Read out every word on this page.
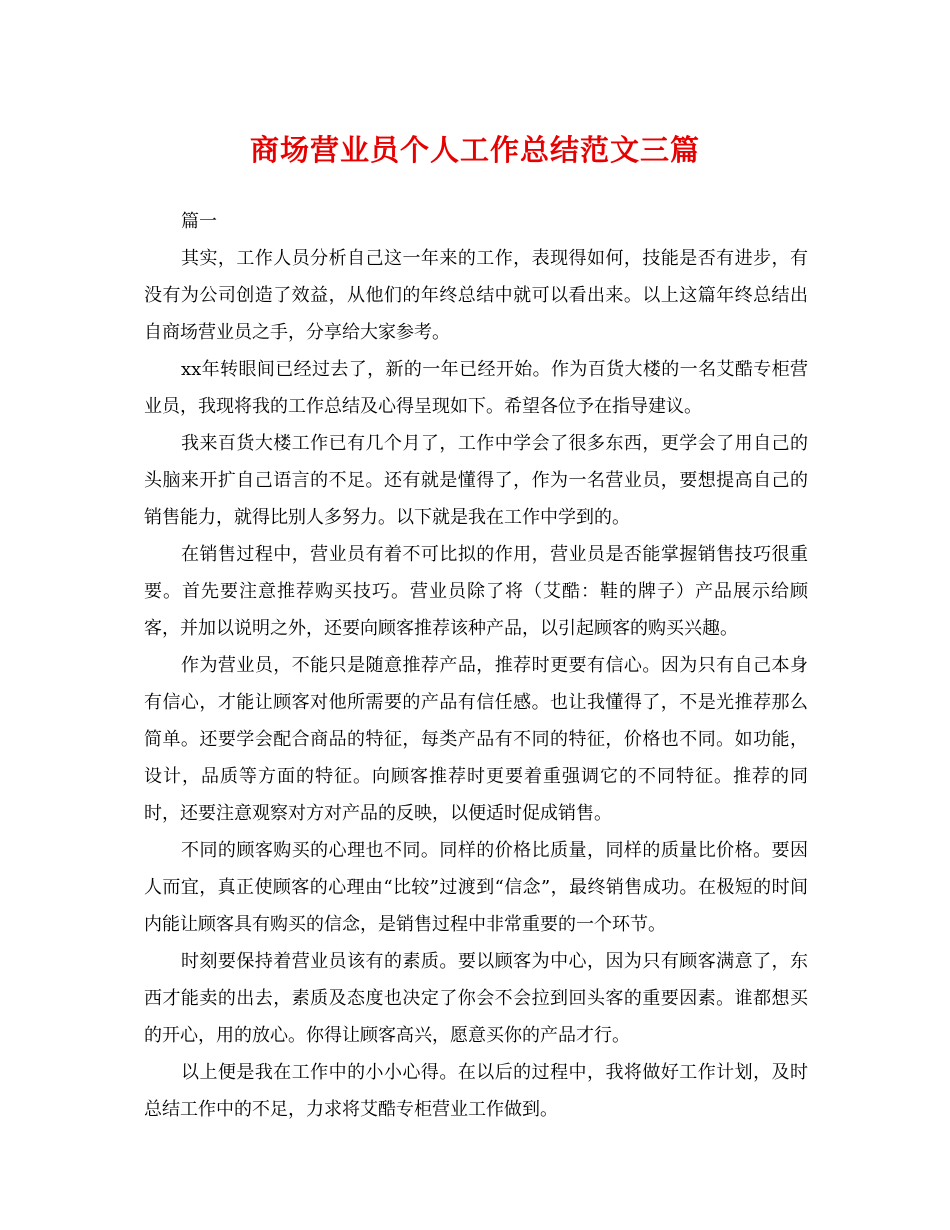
商场营业员个人工作总结范文三篇

篇一

其实，工作人员分析自己这一年来的工作，表现得如何，技能是否有进步，有没有为公司创造了效益，从他们的年终总结中就可以看出来。以上这篇年终总结出自商场营业员之手，分享给大家参考。

xx年转眼间已经过去了，新的一年已经开始。作为百货大楼的一名艾酷专柜营业员，我现将我的工作总结及心得呈现如下。希望各位予在指导建议。

我来百货大楼工作已有几个月了，工作中学会了很多东西，更学会了用自己的头脑来开扩自己语言的不足。还有就是懂得了，作为一名营业员，要想提高自己的销售能力，就得比别人多努力。以下就是我在工作中学到的。

在销售过程中，营业员有着不可比拟的作用，营业员是否能掌握销售技巧很重要。首先要注意推荐购买技巧。营业员除了将（艾酷：鞋的牌子）产品展示给顾客，并加以说明之外，还要向顾客推荐该种产品，以引起顾客的购买兴趣。

作为营业员，不能只是随意推荐产品，推荐时更要有信心。因为只有自己本身有信心，才能让顾客对他所需要的产品有信任感。也让我懂得了，不是光推荐那么简单。还要学会配合商品的特征，每类产品有不同的特征，价格也不同。如功能，设计，品质等方面的特征。向顾客推荐时更要着重强调它的不同特征。推荐的同时，还要注意观察对方对产品的反映，以便适时促成销售。

不同的顾客购买的心理也不同。同样的价格比质量，同样的质量比价格。要因人而宜，真正使顾客的心理由“比较”过渡到“信念”，最终销售成功。在极短的时间内能让顾客具有购买的信念，是销售过程中非常重要的一个环节。

时刻要保持着营业员该有的素质。要以顾客为中心，因为只有顾客满意了，东西才能卖的出去，素质及态度也决定了你会不会拉到回头客的重要因素。谁都想买的开心，用的放心。你得让顾客高兴，愿意买你的产品才行。

以上便是我在工作中的小小心得。在以后的过程中，我将做好工作计划，及时总结工作中的不足，力求将艾酷专柜营业工作做到。
